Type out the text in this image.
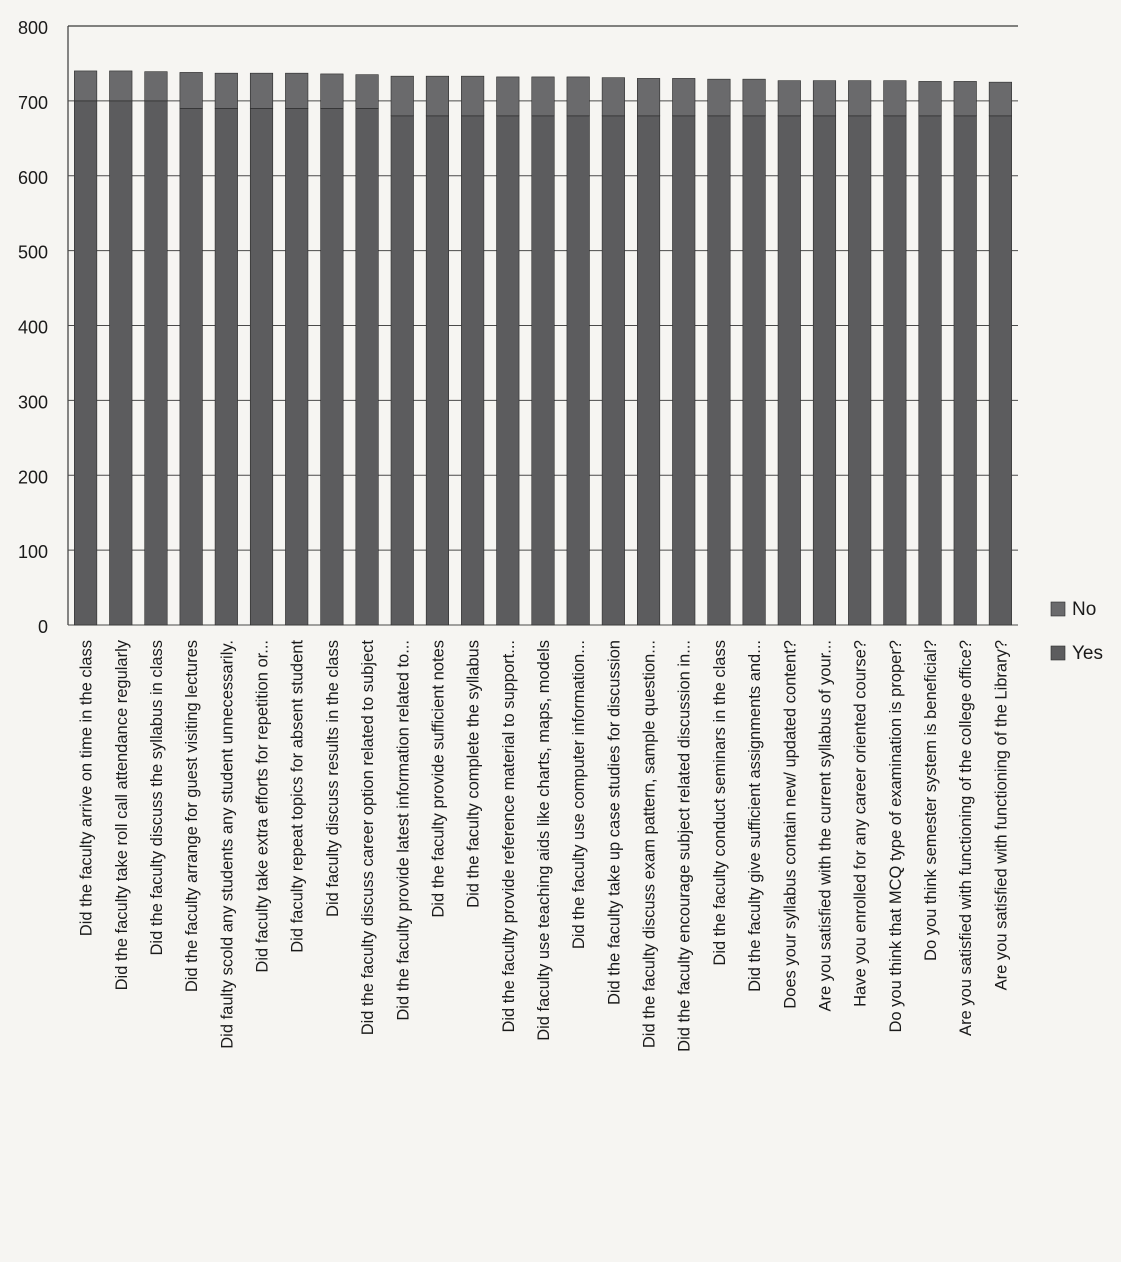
0
100
200
300
400
500
600
700
800
Did the faculty arrive on time in the class Did the faculty take roll call attendance regularly Did the faculty discuss the syllabus in class Did the faculty arrange for guest visiting lectures Did faulty scold any students any student unnecessarily. Did faculty take extra efforts for repetition or... Did faculty repeat topics for absent student Did faculty discuss results in the class Did the faculty discuss career option related to subject Did the faculty provide latest information related to... Did the faculty provide sufficient notes Did the faculty complete the syllabus Did the faculty provide reference material to support... Did faculty use teaching aids like charts, maps, models Did the faculty use computer information... Did the faculty take up case studies for discussion Did the faculty discuss exam pattern, sample question... Did the faculty encourage subject related discussion in... Did the faculty conduct seminars in the class Did the faculty give sufficient assignments and... Does your syllabus contain new/ updated content? Are you satisfied with the current syllabus of your... Have you enrolled for any career oriented course? Do you think that MCQ type of examination is proper? Do you think semester system is beneficial? Are you satisfied with functioning of the college office? Are you satisfied with functioning of the Library?
No
Yes
